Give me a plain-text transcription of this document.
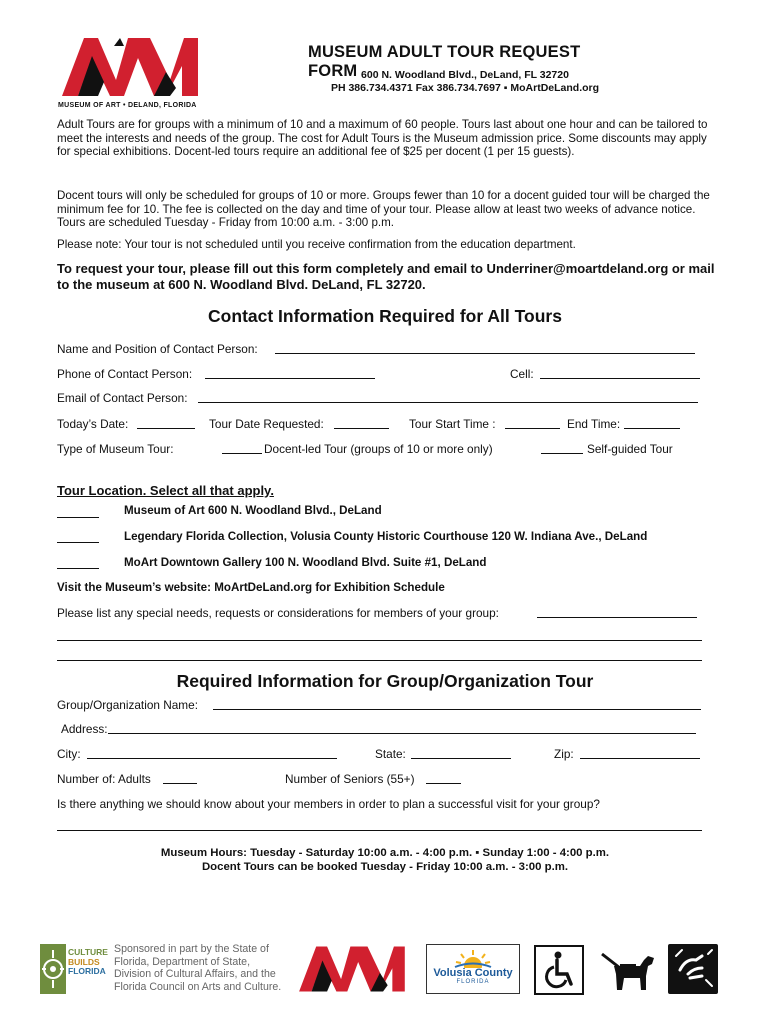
MUSEUM OF ART • DELAND, FLORIDA
MUSEUM ADULT TOUR REQUEST FORM 600 N. Woodland Blvd., DeLand, FL 32720
PH 386.734.4371 Fax 386.734.7697 ▪ MoArtDeLand.org
Adult Tours are for groups with a minimum of 10 and a maximum of 60 people. Tours last about one hour and can be tailored to meet the interests and needs of the group. The cost for Adult Tours is the Museum admission price. Some discounts may apply for special exhibitions. Docent-led tours require an additional fee of $25 per docent (1 per 15 guests).
Docent tours will only be scheduled for groups of 10 or more. Groups fewer than 10 for a docent guided tour will be charged the minimum fee for 10. The fee is collected on the day and time of your tour. Please allow at least two weeks of advance notice. Tours are scheduled Tuesday - Friday from 10:00 a.m. - 3:00 p.m.
Please note: Your tour is not scheduled until you receive confirmation from the education department.
To request your tour, please fill out this form completely and email to Underriner@moartdeland.org or mail to the museum at 600 N. Woodland Blvd. DeLand, FL 32720.
Contact Information Required for All Tours
Name and Position of Contact Person:
Phone of Contact Person:	Cell:
Email of Contact Person:
Today’s Date:	Tour Date Requested:	Tour Start Time :	End Time:
Type of Museum Tour:	Docent-led Tour (groups of 10 or more only)	Self-guided Tour
Tour Location. Select all that apply.
Museum of Art 600 N. Woodland Blvd., DeLand
Legendary Florida Collection, Volusia County Historic Courthouse 120 W. Indiana Ave., DeLand
MoArt Downtown Gallery 100 N. Woodland Blvd. Suite #1, DeLand
Visit the Museum’s website: MoArtDeLand.org for Exhibition Schedule
Please list any special needs, requests or considerations for members of your group:
Required Information for Group/Organization Tour
Group/Organization Name:
Address:
City:	State:	Zip:
Number of: Adults	Number of Seniors (55+)
Is there anything we should know about your members in order to plan a successful visit for your group?
Museum Hours: Tuesday - Saturday 10:00 a.m. - 4:00 p.m. ▪ Sunday 1:00 - 4:00 p.m.
Docent Tours can be booked Tuesday - Friday 10:00 a.m. - 3:00 p.m.
CULTURE
BUILDS
FLORIDA
Sponsored in part by the State of Florida, Department of State, Division of Cultural Affairs, and the Florida Council on Arts and Culture.
Volusia County
FLORIDA
